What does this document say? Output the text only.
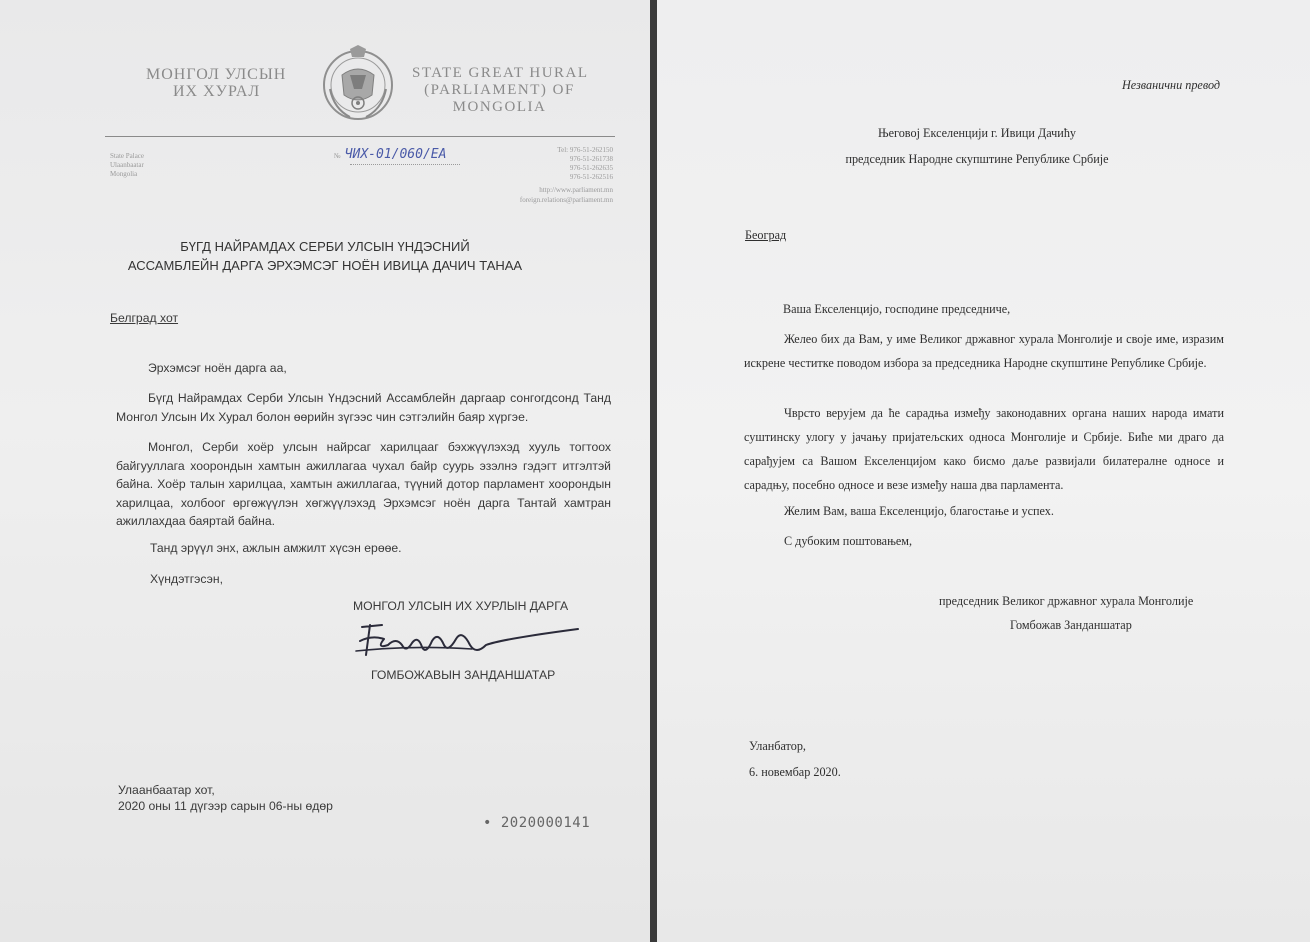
МОНГОЛ УЛСЫН
ИХ ХУРАЛ
STATE GREAT HURAL
(PARLIAMENT) OF
MONGOLIA
State Palace
Ulaanbaatar
Mongolia
№ ЧИХ-01/060/EA	Tel: 976-51-262150
976-51-261738
976-51-262635
976-51-262516
http://www.parliament.mn
foreign.relations@parliament.mn
БҮГД НАЙРАМДАХ СЕРБИ УЛСЫН ҮНДЭСНИЙ
АССАМБЛЕЙН ДАРГА ЭРХЭМСЭГ НОЁН ИВИЦА ДАЧИЧ ТАНАА
Белград хот
Эрхэмсэг ноён дарга аа,
Бүгд Найрамдах Серби Улсын Үндэсний Ассамблейн даргаар сонгогдсонд Танд Монгол Улсын Их Хурал болон өөрийн зүгээс чин сэтгэлийн баяр хүргэе.
Монгол, Серби хоёр улсын найрсаг харилцааг бэхжүүлэхэд хууль тогтоох байгууллага хоорондын хамтын ажиллагаа чухал байр суурь эзэлнэ гэдэгт итгэлтэй байна. Хоёр талын харилцаа, хамтын ажиллагаа, түүний дотор парламент хоорондын харилцаа, холбоог өргөжүүлэн хөгжүүлэхэд Эрхэмсэг ноён дарга Тантай хамтран ажиллахдаа баяртай байна.
Танд эрүүл энх, ажлын амжилт хүсэн ерөөе.
Хүндэтгэсэн,
МОНГОЛ УЛСЫН ИХ ХУРЛЫН ДАРГА
ГОМБОЖАВЫН ЗАНДАНШАТАР
Улаанбаатар хот,
2020 оны 11 дүгээр сарын 06-ны өдөр
• 2020000141
Незванични превод
Његовој Екселенцији г. Ивици Дачићу
председник Народне скупштине Републике Србије
Београд
Ваша Екселенцијо, господине председниче,
Желео бих да Вам, у име Великог државног хурала Монголије и своје име, изразим искрене честитке поводом избора за председника Народне скупштине Републике Србије.
Чврсто верујем да ће сарадња између законодавних органа наших народа имати суштинску улогу у јачању пријатељских односа Монголије и Србије. Биће ми драго да сарађујем са Вашом Екселенцијом како бисмо даље развијали билатералне односе и сарадњу, посебно односе и везе између наша два парламента.
Желим Вам, ваша Екселенцијо, благостање и успех.
С дубоким поштовањем,
председник Великог државног хурала Монголије
Гомбожав Занданшатар
Уланбатор,
6. новембар 2020.
